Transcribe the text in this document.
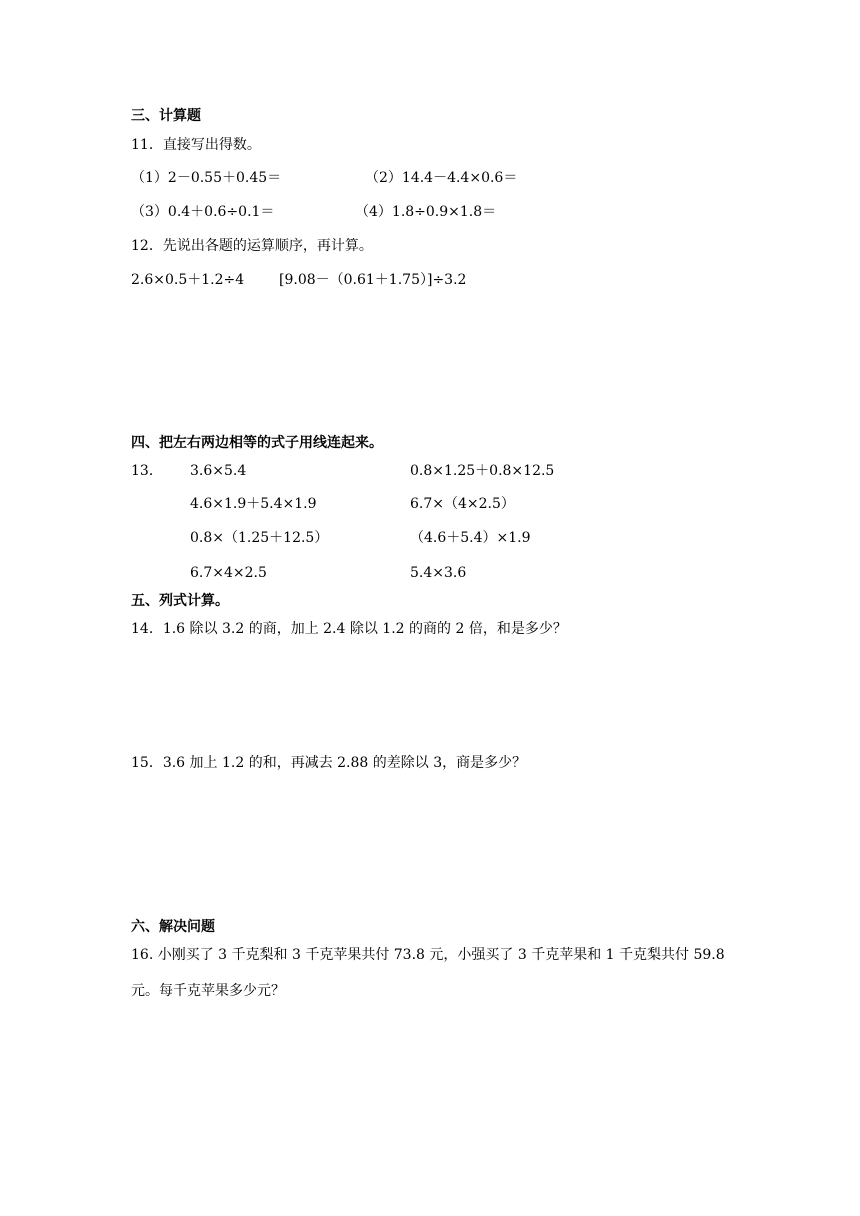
三、计算题
11．直接写出得数。
（1）2－0.55＋0.45＝	（2）14.4－4.4×0.6＝
（3）0.4＋0.6÷0.1＝	（4）1.8÷0.9×1.8＝
12．先说出各题的运算顺序，再计算。
2.6×0.5＋1.2÷4 [9.08－（0.61＋1.75）]÷3.2
四、把左右两边相等的式子用线连起来。
13． 3.6×5.4
4.6×1.9＋5.4×1.9
0.8×（1.25＋12.5）
6.7×4×2.5
0.8×1.25＋0.8×12.5
6.7×（4×2.5）
（4.6＋5.4）×1.9
5.4×3.6
五、列式计算。
14．1.6 除以 3.2 的商，加上 2.4 除以 1.2 的商的 2 倍，和是多少？
15．3.6 加上 1.2 的和，再减去 2.88 的差除以 3，商是多少？
六、解决问题
16. 小刚买了 3 千克梨和 3 千克苹果共付 73.8 元，小强买了 3 千克苹果和 1 千克梨共付 59.8
元。每千克苹果多少元？
